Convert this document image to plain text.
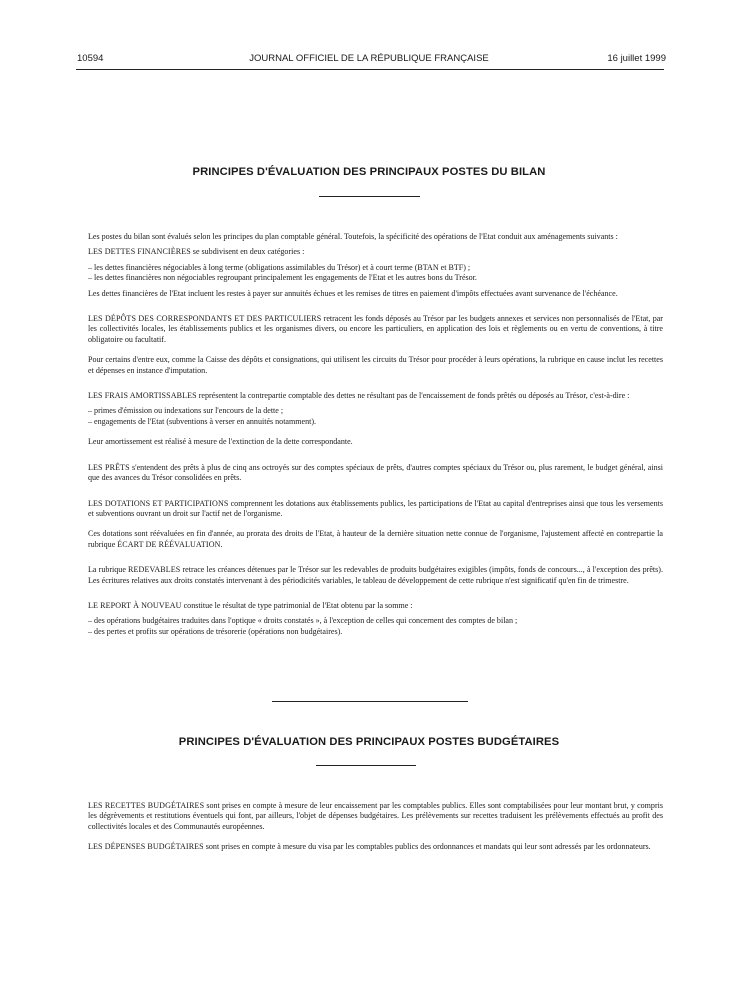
10594	JOURNAL OFFICIEL DE LA RÉPUBLIQUE FRANÇAISE	16 juillet 1999
PRINCIPES D'ÉVALUATION DES PRINCIPAUX POSTES DU BILAN

Les postes du bilan sont évalués selon les principes du plan comptable général. Toutefois, la spécificité des opérations de l'Etat conduit aux aménagements suivants :

LES DETTES FINANCIÈRES se subdivisent en deux catégories :

– les dettes financières négociables à long terme (obligations assimilables du Trésor) et à court terme (BTAN et BTF) ;

– les dettes financières non négociables regroupant principalement les engagements de l'Etat et les autres bons du Trésor.

Les dettes financières de l'Etat incluent les restes à payer sur annuités échues et les remises de titres en paiement d'impôts effectuées avant survenance de l'échéance.

LES DÉPÔTS DES CORRESPONDANTS ET DES PARTICULIERS retracent les fonds déposés au Trésor par les budgets annexes et services non personnalisés de l'Etat, par les collectivités locales, les établissements publics et les organismes divers, ou encore les particuliers, en application des lois et règlements ou en vertu de conventions, à titre obligatoire ou facultatif.

Pour certains d'entre eux, comme la Caisse des dépôts et consignations, qui utilisent les circuits du Trésor pour procéder à leurs opérations, la rubrique en cause inclut les recettes et dépenses en instance d'imputation.

LES FRAIS AMORTISSABLES représentent la contrepartie comptable des dettes ne résultant pas de l'encaissement de fonds prêtés ou déposés au Trésor, c'est-à-dire :

– primes d'émission ou indexations sur l'encours de la dette ;

– engagements de l'Etat (subventions à verser en annuités notamment).

Leur amortissement est réalisé à mesure de l'extinction de la dette correspondante.

LES PRÊTS s'entendent des prêts à plus de cinq ans octroyés sur des comptes spéciaux de prêts, d'autres comptes spéciaux du Trésor ou, plus rarement, le budget général, ainsi que des avances du Trésor consolidées en prêts.

LES DOTATIONS ET PARTICIPATIONS comprennent les dotations aux établissements publics, les participations de l'Etat au capital d'entreprises ainsi que tous les versements et subventions ouvrant un droit sur l'actif net de l'organisme.

Ces dotations sont réévaluées en fin d'année, au prorata des droits de l'Etat, à hauteur de la dernière situation nette connue de l'organisme, l'ajustement affecté en contrepartie la rubrique ÉCART DE RÉÉVALUATION.

La rubrique REDEVABLES retrace les créances détenues par le Trésor sur les redevables de produits budgétaires exigibles (impôts, fonds de concours..., à l'exception des prêts). Les écritures relatives aux droits constatés intervenant à des périodicités variables, le tableau de développement de cette rubrique n'est significatif qu'en fin de trimestre.

LE REPORT À NOUVEAU constitue le résultat de type patrimonial de l'Etat obtenu par la somme :

– des opérations budgétaires traduites dans l'optique « droits constatés », à l'exception de celles qui concernent des comptes de bilan ;

– des pertes et profits sur opérations de trésorerie (opérations non budgétaires).

PRINCIPES D'ÉVALUATION DES PRINCIPAUX POSTES BUDGÉTAIRES

LES RECETTES BUDGÉTAIRES sont prises en compte à mesure de leur encaissement par les comptables publics. Elles sont comptabilisées pour leur montant brut, y compris les dégrèvements et restitutions éventuels qui font, par ailleurs, l'objet de dépenses budgétaires. Les prélèvements sur recettes traduisent les prélèvements effectués au profit des collectivités locales et des Communautés européennes.

LES DÉPENSES BUDGÉTAIRES sont prises en compte à mesure du visa par les comptables publics des ordonnances et mandats qui leur sont adressés par les ordonnateurs.
